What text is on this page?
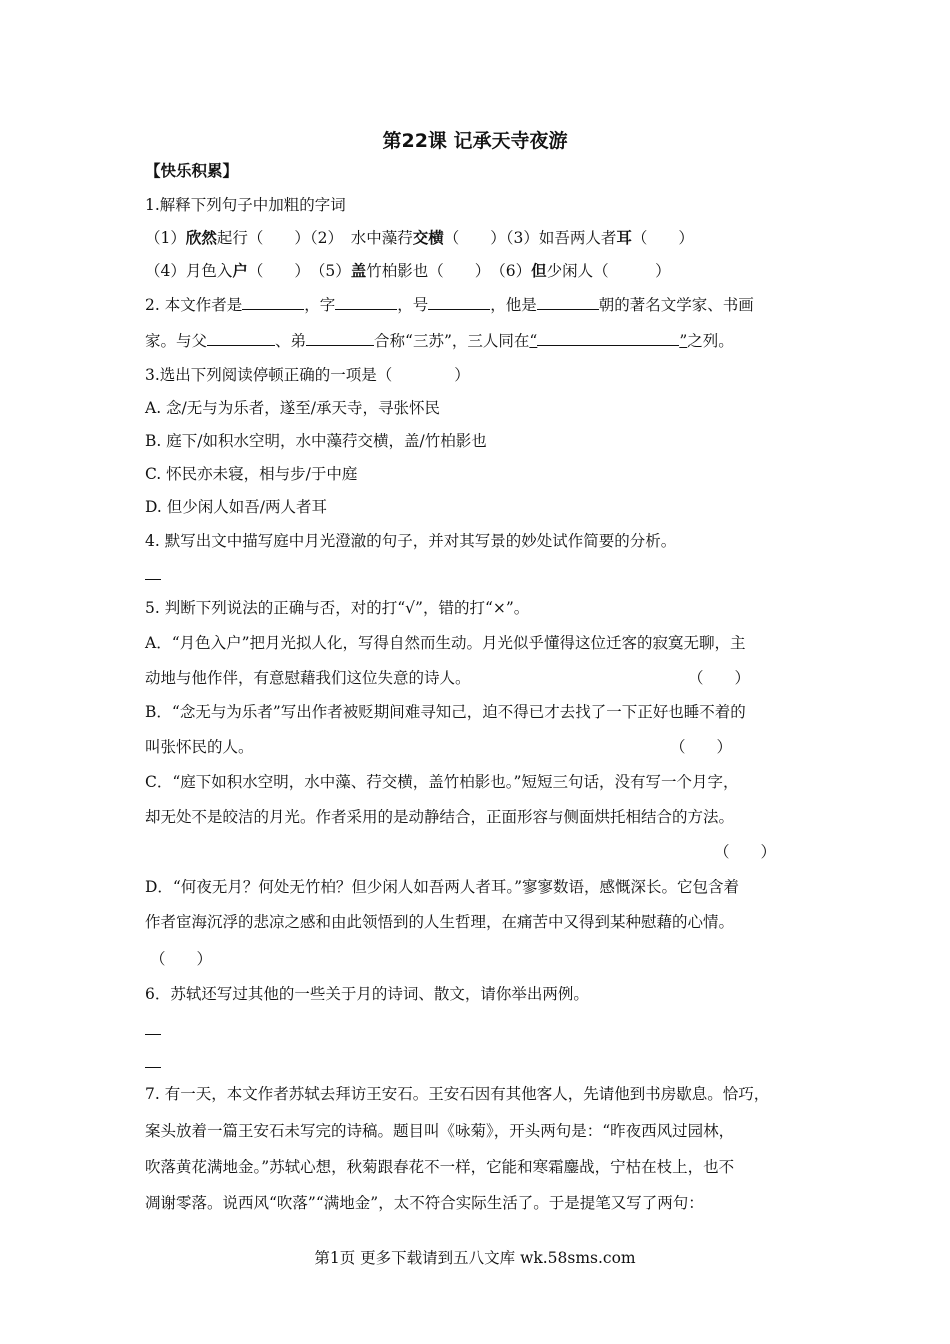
第22课 记承天寺夜游
【快乐积累】
1.解释下列句子中加粗的字词
（1）欣然起行（　　）（2）　水中藻荇交横（　　）（3）如吾两人者耳（　　）
（4）月色入户（　　）　（5）盖竹柏影也（　　）　（6）但少闲人（　　　）
2. 本文作者是	，字	，号	，他是	朝的著名文学家、书画
家。与父	、弟	合称“三苏”，三人同在“	”之列。
3.选出下列阅读停顿正确的一项是（　　　　）
A. 念/无与为乐者，遂至/承天寺，寻张怀民
B. 庭下/如积水空明，水中藻荇交横，盖/竹柏影也
C. 怀民亦未寝，相与步/于中庭
D. 但少闲人如吾/两人者耳
4. 默写出文中描写庭中月光澄澈的句子，并对其写景的妙处试作简要的分析。
5. 判断下列说法的正确与否，对的打“√”，错的打“×”。
A．“月色入户”把月光拟人化，写得自然而生动。月光似乎懂得这位迁客的寂寞无聊，主
动地与他作伴，有意慰藉我们这位失意的诗人。	（　　）
B．“念无与为乐者”写出作者被贬期间难寻知己，迫不得已才去找了一下正好也睡不着的
叫张怀民的人。	（　　）
C．“庭下如积水空明，水中藻、荇交横，盖竹柏影也。”短短三句话，没有写一个月字，
却无处不是皎洁的月光。作者采用的是动静结合，正面形容与侧面烘托相结合的方法。
（　　）
D．“何夜无月？何处无竹柏？但少闲人如吾两人者耳。”寥寥数语，感慨深长。它包含着
作者宦海沉浮的悲凉之感和由此领悟到的人生哲理，在痛苦中又得到某种慰藉的心情。
（　　）
6．苏轼还写过其他的一些关于月的诗词、散文，请你举出两例。
7. 有一天，本文作者苏轼去拜访王安石。王安石因有其他客人，先请他到书房歇息。恰巧，
案头放着一篇王安石未写完的诗稿。题目叫《咏菊》，开头两句是：“昨夜西风过园林，
吹落黄花满地金。”苏轼心想，秋菊跟春花不一样，它能和寒霜鏖战，宁枯在枝上，也不
凋谢零落。说西风“吹落”“满地金”，太不符合实际生活了。于是提笔又写了两句：
第1页 更多下载请到五八文库 wk.58sms.com
